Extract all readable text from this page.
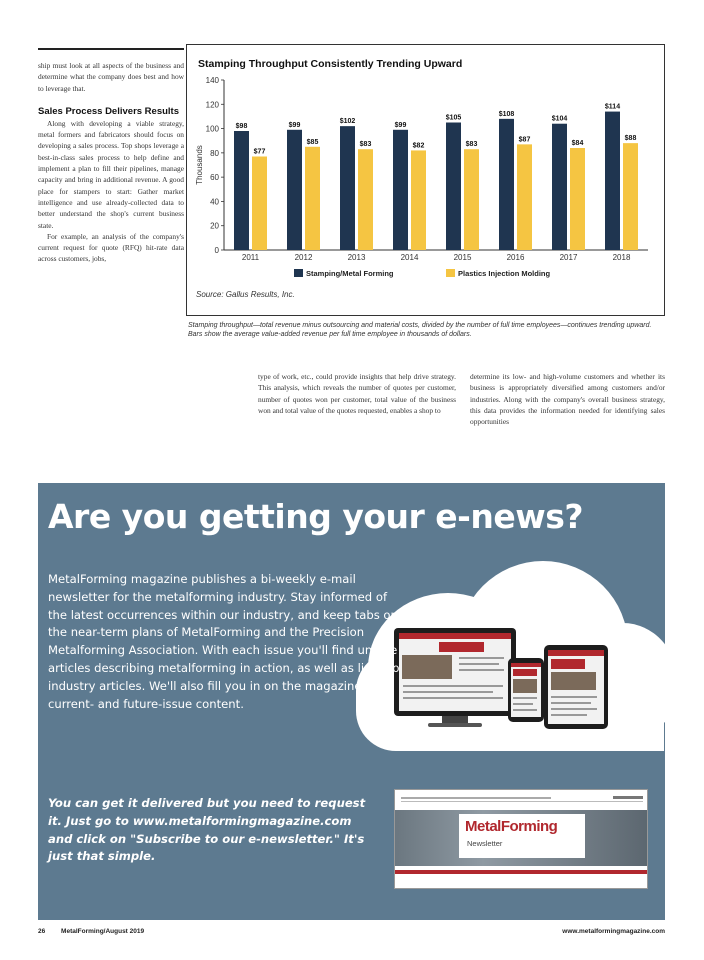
ship must look at all aspects of the business and determine what the company does best and how to leverage that.

Sales Process Delivers Results

Along with developing a viable strategy, metal formers and fabricators should focus on developing a sales process. Top shops leverage a best-in-class sales process to help define and implement a plan to fill their pipelines, manage capacity and bring in additional revenue. A good place for stampers to start: Gather market intelligence and use already-collected data to better understand the shop's current business state.

For example, an analysis of the company's current request for quote (RFQ) hit-rate data across customers, jobs,

Stamping Throughput Consistently Trending Upward
0
20
40
60
80
100
120
140
Thousands
$98
$77
2011
$99
$85
2012
$102
$83
2013
$99
$82
2014
$105
$83
2015
$108
$87
2016
$104
$84
2017
$114
$88
2018
Stamping/Metal Forming	Plastics Injection Molding
Source: Gallus Results, Inc.
Stamping throughput—total revenue minus outsourcing and material costs, divided by the number of full time employees—continues trending upward. Bars show the average value-added revenue per full time employee in thousands of dollars.

type of work, etc., could provide insights that help drive strategy. This analysis, which reveals the number of quotes per customer, number of quotes won per customer, total value of the business won and total value of the quotes requested, enables a shop to

determine its low- and high-volume customers and whether its business is appropriately diversified among customers and/or industries. Along with the company's overall business strategy, this data provides the information needed for identifying sales opportunities

Are you getting your e-news?
MetalForming magazine publishes a bi-weekly e-mail newsletter for the metalforming industry. Stay informed of the latest occurrences within our industry, and keep tabs on the near-term plans of MetalForming and the Precision Metalforming Association. With each issue you'll find unique articles describing metalforming in action, as well as links to industry articles. We'll also fill you in on the magazine's current- and future-issue content.
You can get it delivered but you need to request it. Just go to www.metalformingmagazine.com and click on "Subscribe to our e-newsletter." It's just that simple.
MetalForming
Newsletter
26 MetalForming/August 2019	www.metalformingmagazine.com
